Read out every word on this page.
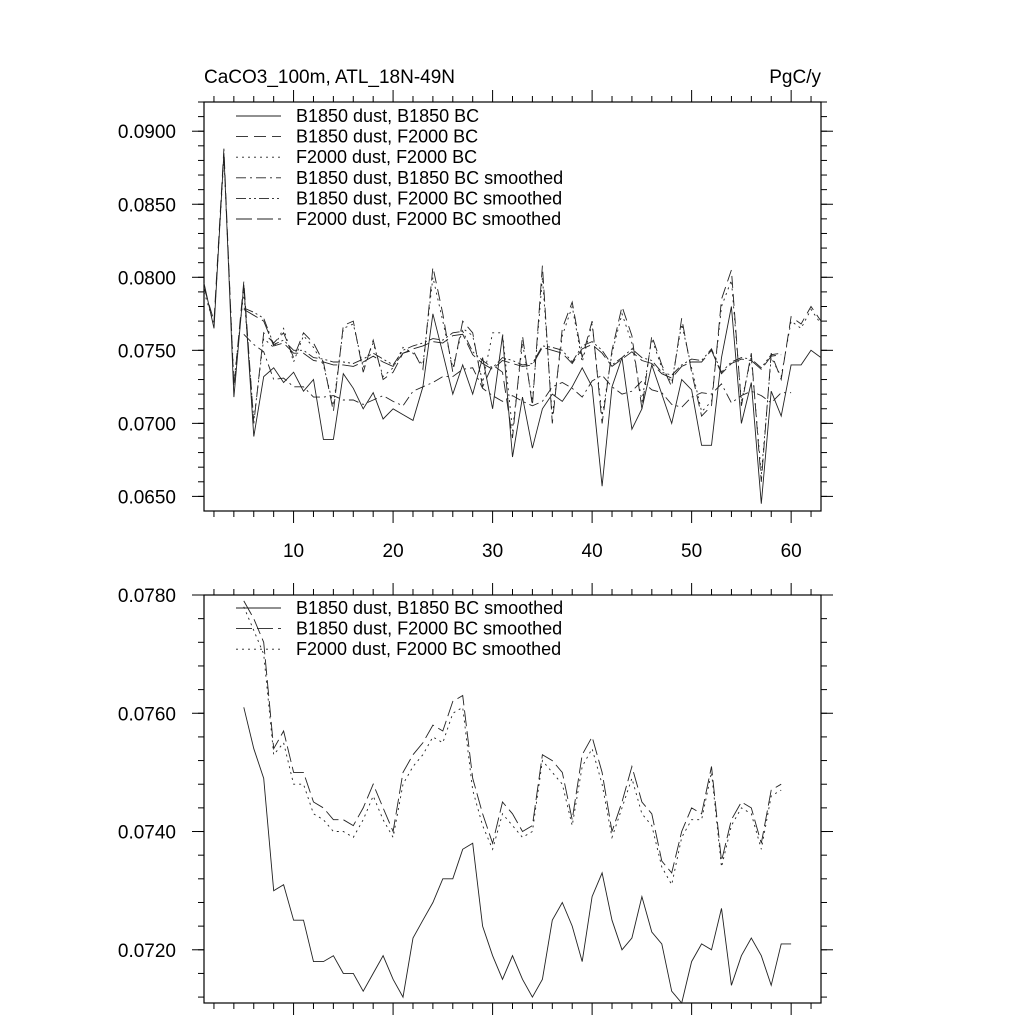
CaCO3_100m, ATL_18N-49N	PgC/y
10	20	30	40	50	60
0.0900
0.0850
0.0800
0.0750
0.0700
0.0650
B1850 dust, B1850 BC
B1850 dust, F2000 BC
F2000 dust, F2000 BC
B1850 dust, B1850 BC smoothed
B1850 dust, F2000 BC smoothed
F2000 dust, F2000 BC smoothed
0.0780
0.0760
0.0740
0.0720
B1850 dust, B1850 BC smoothed
B1850 dust, F2000 BC smoothed
F2000 dust, F2000 BC smoothed
